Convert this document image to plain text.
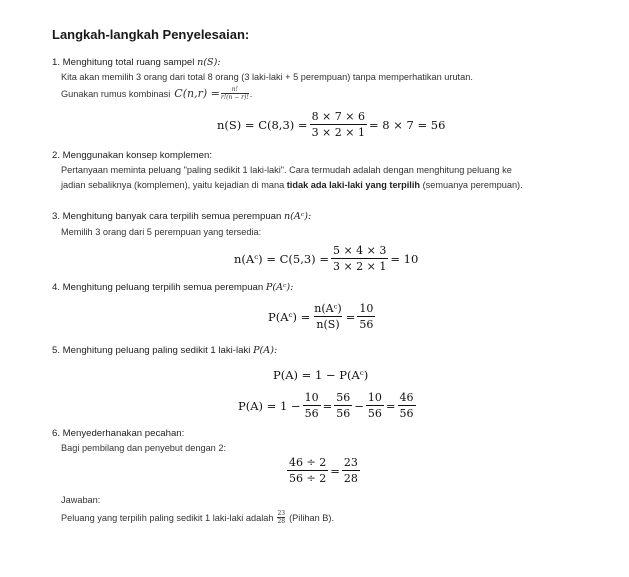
Langkah-langkah Penyelesaian:
1. Menghitung total ruang sampel n(S):
Kita akan memilih 3 orang dari total 8 orang (3 laki-laki + 5 perempuan) tanpa memperhatikan urutan.
Gunakan rumus kombinasi $C(n,r) = \frac{n!}{r!(n - r)!}$ .
$n(S) = C(8,3) = \frac{8 \times 7 \times 6}{3 \times 2 \times 1} = 8 \times 7 = 56$
2. Menggunakan konsep komplemen:
Pertanyaan meminta peluang "paling sedikit 1 laki-laki". Cara termudah adalah dengan menghitung peluang ke
jadian sebaliknya (komplemen), yaitu kejadian di mana tidak ada laki-laki yang terpilih (semuanya perempuan).
3. Menghitung banyak cara terpilih semua perempuan n(Aᶜ):
Memilih 3 orang dari 5 perempuan yang tersedia:
n(Aᶜ) = $C(5,3) = \frac{5 \times 4 \times 3}{3 \times 2 \times 1} = 10$
4. Menghitung peluang terpilih semua perempuan P(Aᶜ):
P(Aᶜ) = $\frac{\text{n(Aᶜ)}}{n(S)} = \frac{10}{56}$
5. Menghitung peluang paling sedikit 1 laki-laki P(A):
P(A) = 1 − P(Aᶜ)
$P(A) = 1 - \frac{10}{56} = \frac{56}{56} - \frac{10}{56} = \frac{46}{56}$
6. Menyederhanakan pecahan:
Bagi pembilang dan penyebut dengan 2:
$\frac{46 \div 2}{56 \div 2} = \frac{23}{28}$
Jawaban:
Peluang yang terpilih paling sedikit 1 laki-laki adalah $\frac{23}{28}$ (Pilihan B).
